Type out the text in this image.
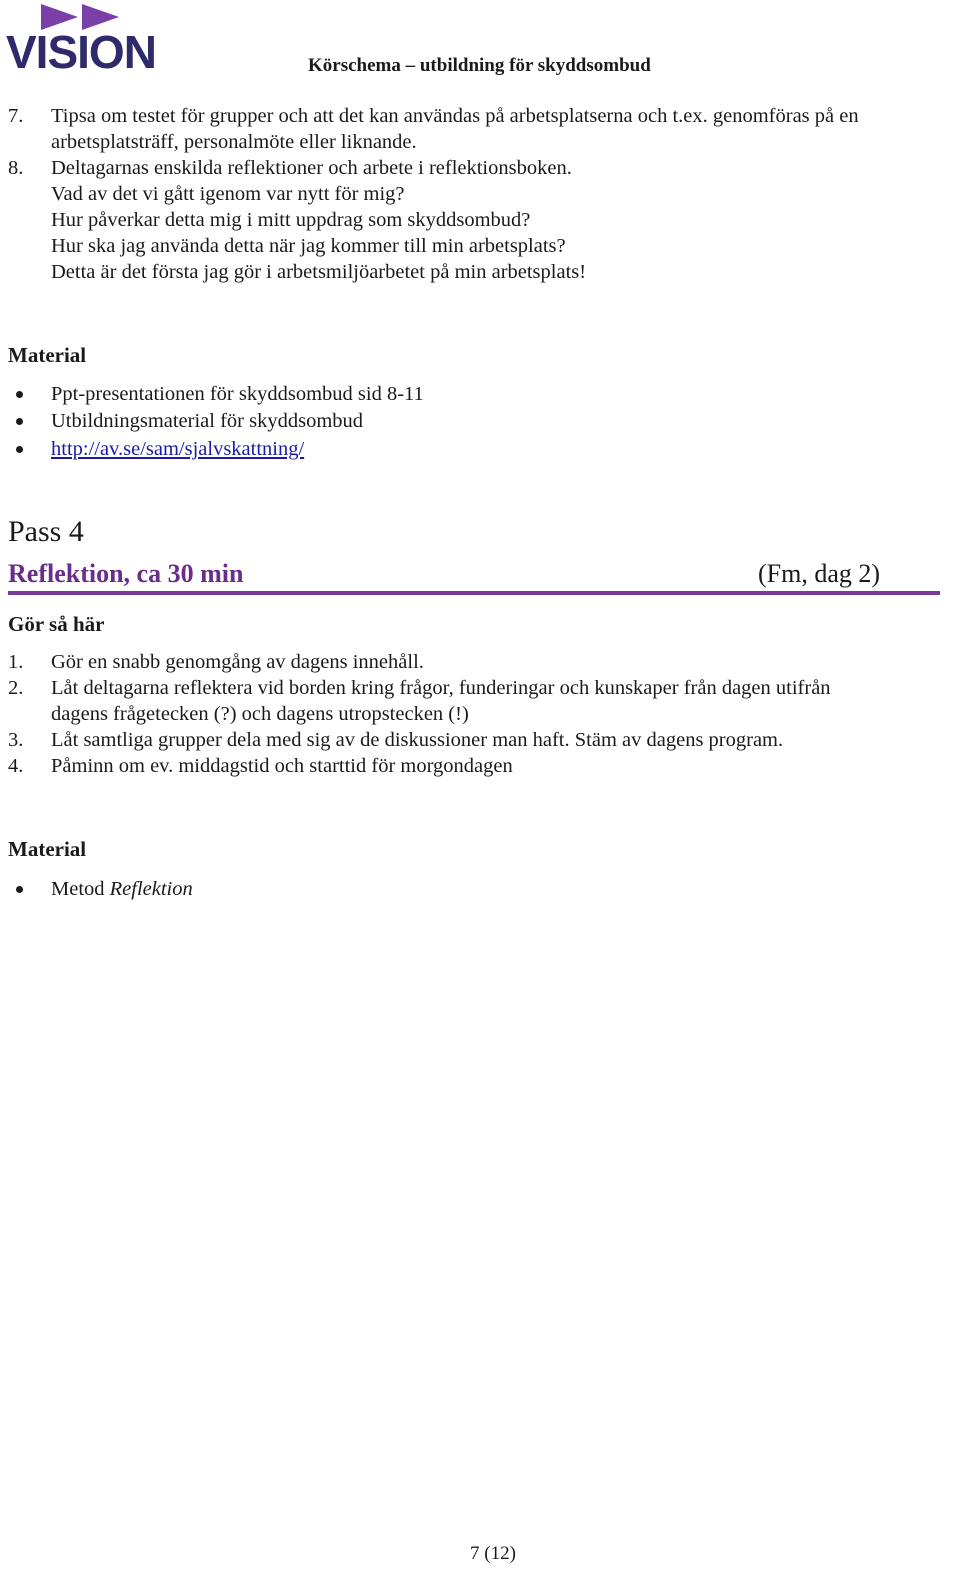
VISION	Körschema – utbildning för skyddsombud
7. Tipsa om testet för grupper och att det kan användas på arbetsplatserna och t.ex. genomföras på en
arbetsplatsträff, personalmöte eller liknande.
8. Deltagarnas enskilda reflektioner och arbete i reflektionsboken.
Vad av det vi gått igenom var nytt för mig?
Hur påverkar detta mig i mitt uppdrag som skyddsombud?
Hur ska jag använda detta när jag kommer till min arbetsplats?
Detta är det första jag gör i arbetsmiljöarbetet på min arbetsplats!
Material
Ppt-presentationen för skyddsombud sid 8-11
Utbildningsmaterial för skyddsombud
http://av.se/sam/sjalvskattning/
Pass 4
Reflektion, ca 30 min	(Fm, dag 2)
Gör så här
1. Gör en snabb genomgång av dagens innehåll.
2. Låt deltagarna reflektera vid borden kring frågor, funderingar och kunskaper från dagen utifrån
dagens frågetecken (?) och dagens utropstecken (!)
3. Låt samtliga grupper dela med sig av de diskussioner man haft. Stäm av dagens program.
4. Påminn om ev. middagstid och starttid för morgondagen
Material
Metod Reflektion
7 (12)
